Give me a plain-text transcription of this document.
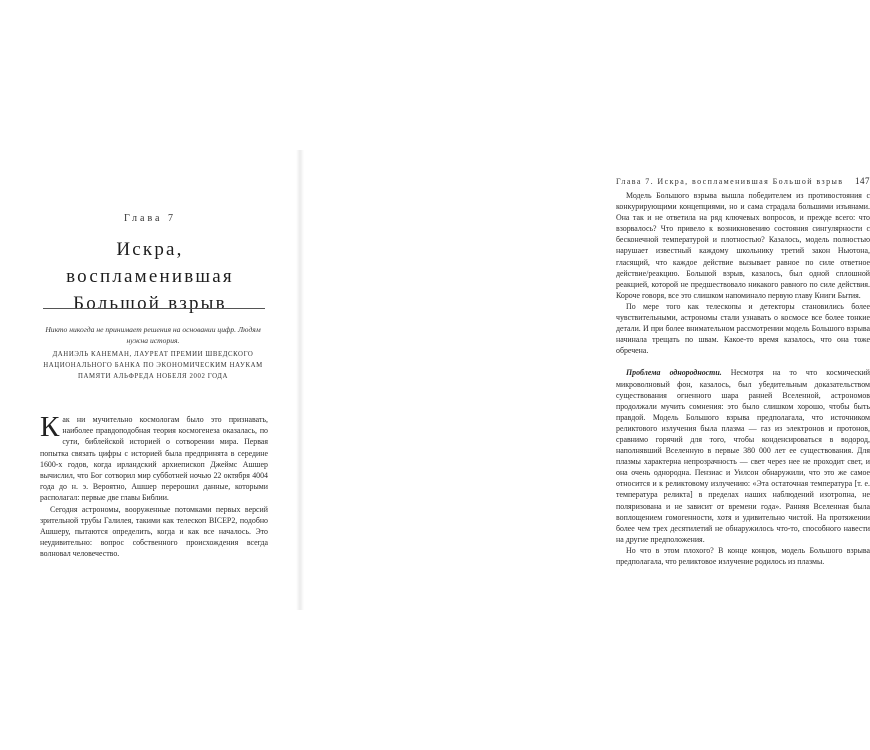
Глава 7
Искра, воспламенившая
Большой взрыв
Никто никогда не принимает решения на основании цифр. Людям нужна история.
ДАНИЭЛЬ КАНЕМАН, ЛАУРЕАТ ПРЕМИИ ШВЕДСКОГО НАЦИОНАЛЬНОГО БАНКА ПО ЭКОНОМИЧЕСКИМ НАУКАМ ПАМЯТИ АЛЬФРЕДА НОБЕЛЯ 2002 ГОДА

Как ни мучительно космологам было это признавать, наиболее правдоподобная теория космогенеза оказалась, по сути, библейской историей о сотворении мира. Первая попытка связать цифры с историей была предпринята в середине 1600-х годов, когда ирландский архиепископ Джеймс Ашшер вычислил, что Бог сотворил мир субботней ночью 22 октября 4004 года до н. э. Вероятно, Ашшер перерошил данные, которыми располагал: первые две главы Библии.

Сегодня астрономы, вооруженные потомками первых версий зрительной трубы Галилея, такими как телескоп BICEP2, подобно Ашшеру, пытаются определить, когда и как все началось. Это неудивительно: вопрос собственного происхождения всегда волновал человечество.

Глава 7. Искра, воспламенившая Большой взрыв 147

Модель Большого взрыва вышла победителем из противостояния с конкурирующими концепциями, но и сама страдала большими изъянами. Она так и не ответила на ряд ключевых вопросов, и прежде всего: что взорвалось? Что привело к возникновению состояния сингулярности с бесконечной температурой и плотностью? Казалось, модель полностью нарушает известный каждому школьнику третий закон Ньютона, гласящий, что каждое действие вызывает равное по силе ответное действие/реакцию. Большой взрыв, казалось, был одной сплошной реакцией, которой не предшествовало никакого равного по силе действия. Короче говоря, все это слишком напоминало первую главу Книги Бытия.

По мере того как телескопы и детекторы становились более чувствительными, астрономы стали узнавать о космосе все более тонкие детали. И при более внимательном рассмотрении модель Большого взрыва начинала трещать по швам. Какое-то время казалось, что она тоже обречена.

Проблема однородности. Несмотря на то что космический микроволновый фон, казалось, был убедительным доказательством существования огненного шара ранней Вселенной, астрономов продолжали мучить сомнения: это было слишком хорошо, чтобы быть правдой. Модель Большого взрыва предполагала, что источником реликтового излучения была плазма — газ из электронов и протонов, сравнимо горячий для того, чтобы конденсироваться в водород, наполнявший Вселенную в первые 380 000 лет ее существования. Для плазмы характерна непрозрачность — свет через нее не проходит свет, и она очень однородна. Пензиас и Уилсон обнаружили, что это же самое относится и к реликтовому излучению: «Эта остаточная температура [т. е. температура реликта] в пределах наших наблюдений изотропна, не поляризована и не зависит от времени года». Ранняя Вселенная была воплощением гомогенности, хотя и удивительно чистой. На протяжении более чем трех десятилетий не обнаружилось что-то, способного навести на другие предположения.

Но что в этом плохого? В конце концов, модель Большого взрыва предполагала, что реликтовое излучение родилось из плазмы.
